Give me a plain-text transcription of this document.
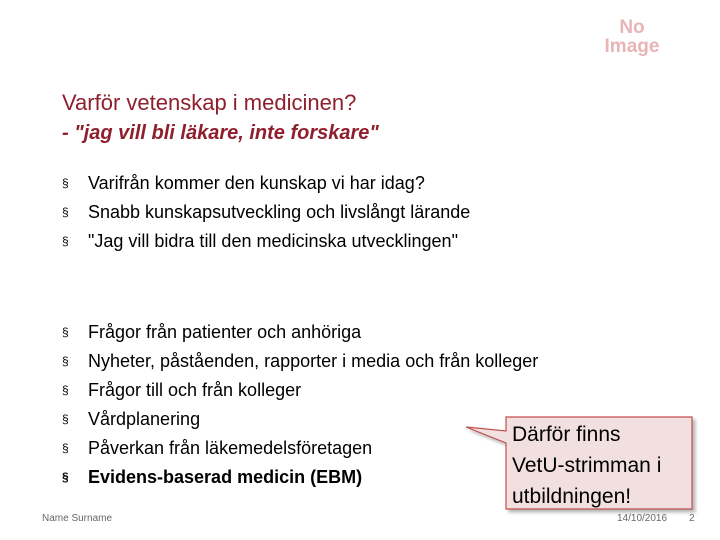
No
Image
Varför vetenskap i medicinen?
- "jag vill bli läkare, inte forskare"
§ Varifrån kommer den kunskap vi har idag?
§ Snabb kunskapsutveckling och livslångt lärande
§ "Jag vill bidra till den medicinska utvecklingen"
§ Frågor från patienter och anhöriga
§ Nyheter, påståenden, rapporter i media och från kolleger
§ Frågor till och från kolleger
§ Vårdplanering
§ Påverkan från läkemedelsföretagen
§ Evidens-baserad medicin (EBM)
Därför finns
VetU-strimman i
utbildningen!
Name Surname	14/10/2016 2
